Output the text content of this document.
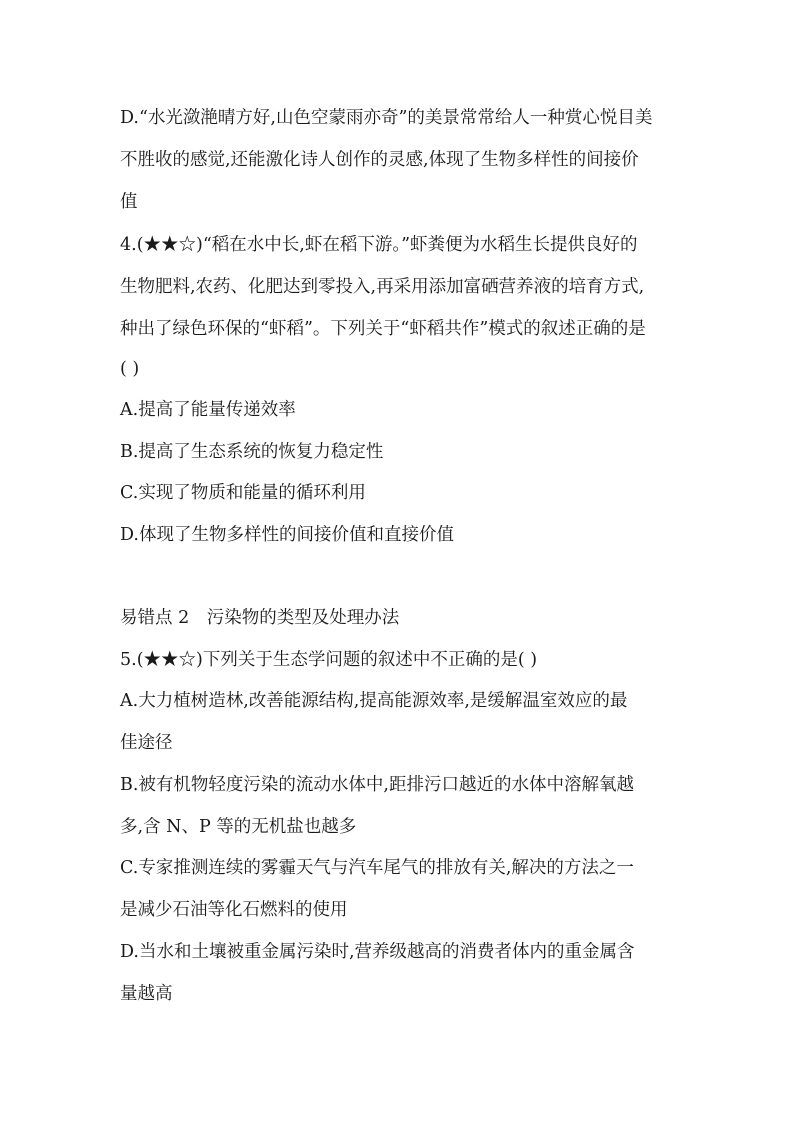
D.“水光潋滟晴方好,山色空蒙雨亦奇”的美景常常给人一种赏心悦目美
不胜收的感觉,还能激化诗人创作的灵感,体现了生物多样性的间接价
值
4.(★★☆)“稻在水中长,虾在稻下游。”虾粪便为水稻生长提供良好的
生物肥料,农药、化肥达到零投入,再采用添加富硒营养液的培育方式,
种出了绿色环保的“虾稻”。下列关于“虾稻共作”模式的叙述正确的是
( )
A.提高了能量传递效率
B.提高了生态系统的恢复力稳定性
C.实现了物质和能量的循环利用
D.体现了生物多样性的间接价值和直接价值
易错点 2　污染物的类型及处理办法
5.(★★☆)下列关于生态学问题的叙述中不正确的是( )
A.大力植树造林,改善能源结构,提高能源效率,是缓解温室效应的最
佳途径
B.被有机物轻度污染的流动水体中,距排污口越近的水体中溶解氧越
多,含 N、P 等的无机盐也越多
C.专家推测连续的雾霾天气与汽车尾气的排放有关,解决的方法之一
是减少石油等化石燃料的使用
D.当水和土壤被重金属污染时,营养级越高的消费者体内的重金属含
量越高
